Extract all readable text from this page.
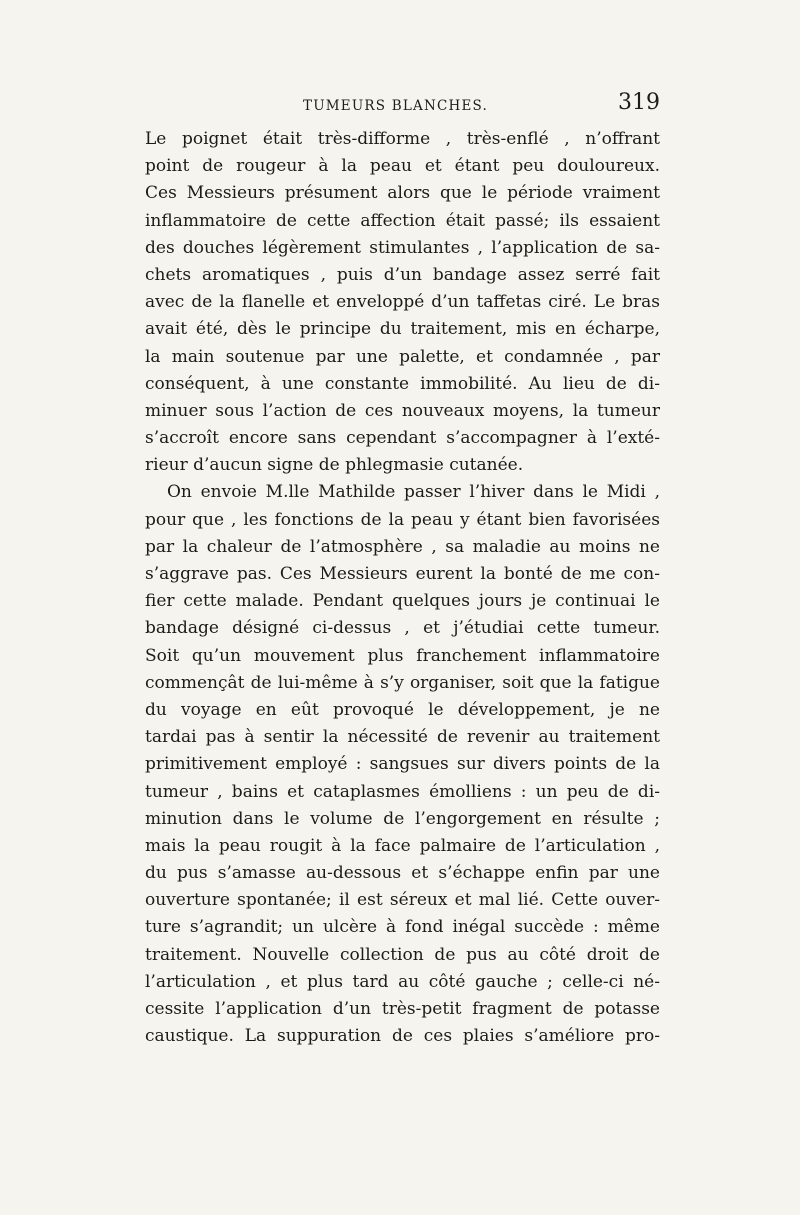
TUMEURS BLANCHES.	319
Le poignet était très-difforme , très-enflé , n’offrant
point de rougeur à la peau et étant peu douloureux.
Ces Messieurs présument alors que le période vraiment
inflammatoire de cette affection était passé; ils essaient
des douches légèrement stimulantes , l’application de sa-
chets aromatiques , puis d’un bandage assez serré fait
avec de la flanelle et enveloppé d’un taffetas ciré. Le bras
avait été, dès le principe du traitement, mis en écharpe,
la main soutenue par une palette, et condamnée , par
conséquent, à une constante immobilité. Au lieu de di-
minuer sous l’action de ces nouveaux moyens, la tumeur
s’accroît encore sans cependant s’accompagner à l’exté-
rieur d’aucun signe de phlegmasie cutanée.
On envoie M.lle Mathilde passer l’hiver dans le Midi ,
pour que , les fonctions de la peau y étant bien favorisées
par la chaleur de l’atmosphère , sa maladie au moins ne
s’aggrave pas. Ces Messieurs eurent la bonté de me con-
fier cette malade. Pendant quelques jours je continuai le
bandage désigné ci-dessus , et j’étudiai cette tumeur.
Soit qu’un mouvement plus franchement inflammatoire
commençât de lui-même à s’y organiser, soit que la fatigue
du voyage en eût provoqué le développement, je ne
tardai pas à sentir la nécessité de revenir au traitement
primitivement employé : sangsues sur divers points de la
tumeur , bains et cataplasmes émolliens : un peu de di-
minution dans le volume de l’engorgement en résulte ;
mais la peau rougit à la face palmaire de l’articulation ,
du pus s’amasse au-dessous et s’échappe enfin par une
ouverture spontanée; il est séreux et mal lié. Cette ouver-
ture s’agrandit; un ulcère à fond inégal succède : même
traitement. Nouvelle collection de pus au côté droit de
l’articulation , et plus tard au côté gauche ; celle-ci né-
cessite l’application d’un très-petit fragment de potasse
caustique. La suppuration de ces plaies s’améliore pro-
